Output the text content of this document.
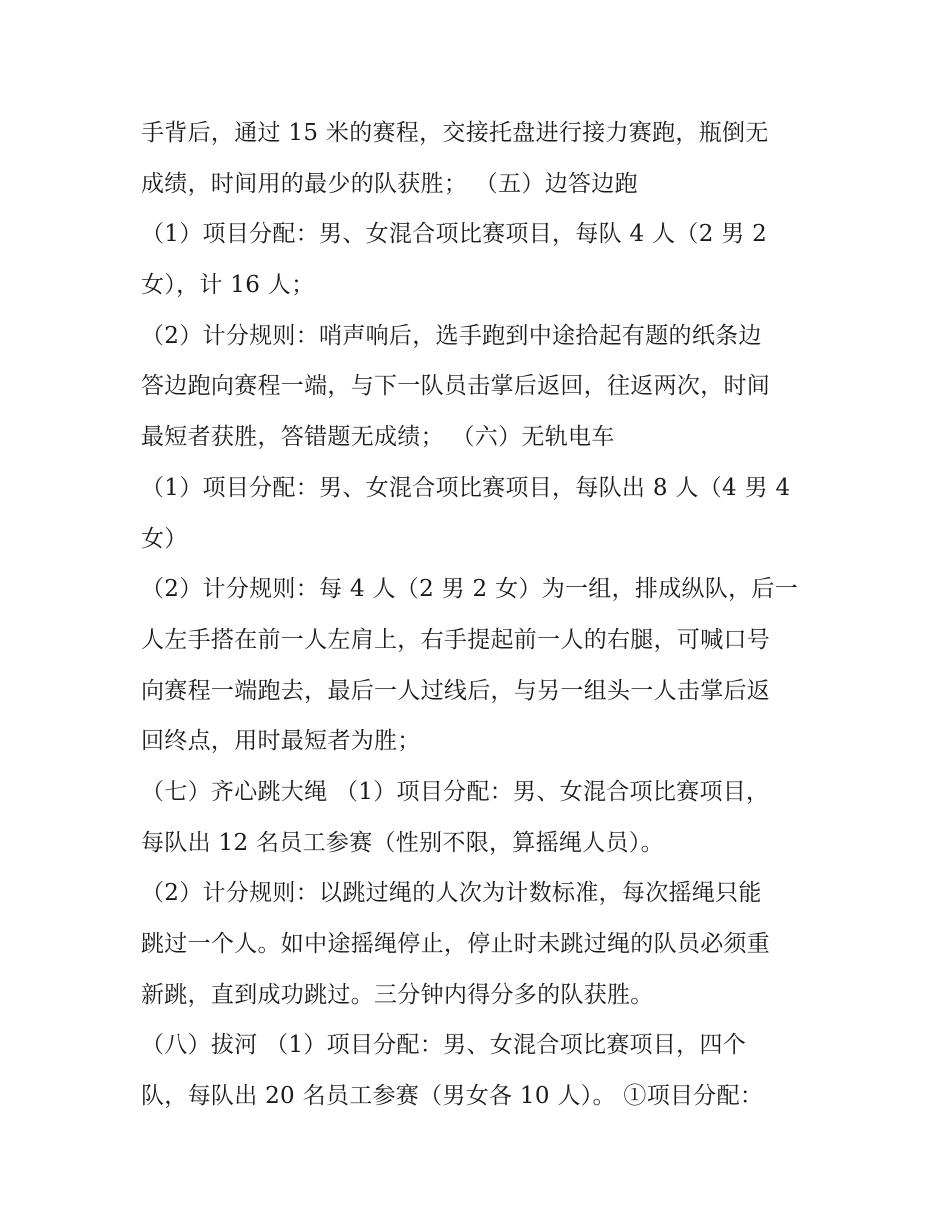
手背后，通过 15 米的赛程，交接托盘进行接力赛跑，瓶倒无
成绩，时间用的最少的队获胜； （五）边答边跑
（1）项目分配：男、女混合项比赛项目，每队 4 人（2 男 2
女），计 16 人；
（2）计分规则：哨声响后，选手跑到中途拾起有题的纸条边
答边跑向赛程一端，与下一队员击掌后返回，往返两次，时间
最短者获胜，答错题无成绩； （六）无轨电车
（1）项目分配：男、女混合项比赛项目，每队出 8 人（4 男 4
女）
（2）计分规则：每 4 人（2 男 2 女）为一组，排成纵队，后一
人左手搭在前一人左肩上，右手提起前一人的右腿，可喊口号
向赛程一端跑去，最后一人过线后，与另一组头一人击掌后返
回终点，用时最短者为胜；
（七）齐心跳大绳 （1）项目分配：男、女混合项比赛项目，
每队出 12 名员工参赛（性别不限，算摇绳人员）。
（2）计分规则：以跳过绳的人次为计数标准，每次摇绳只能
跳过一个人。如中途摇绳停止，停止时未跳过绳的队员必须重
新跳，直到成功跳过。三分钟内得分多的队获胜。
（八）拔河 （1）项目分配：男、女混合项比赛项目，四个
队，每队出 20 名员工参赛（男女各 10 人）。 ①项目分配：
